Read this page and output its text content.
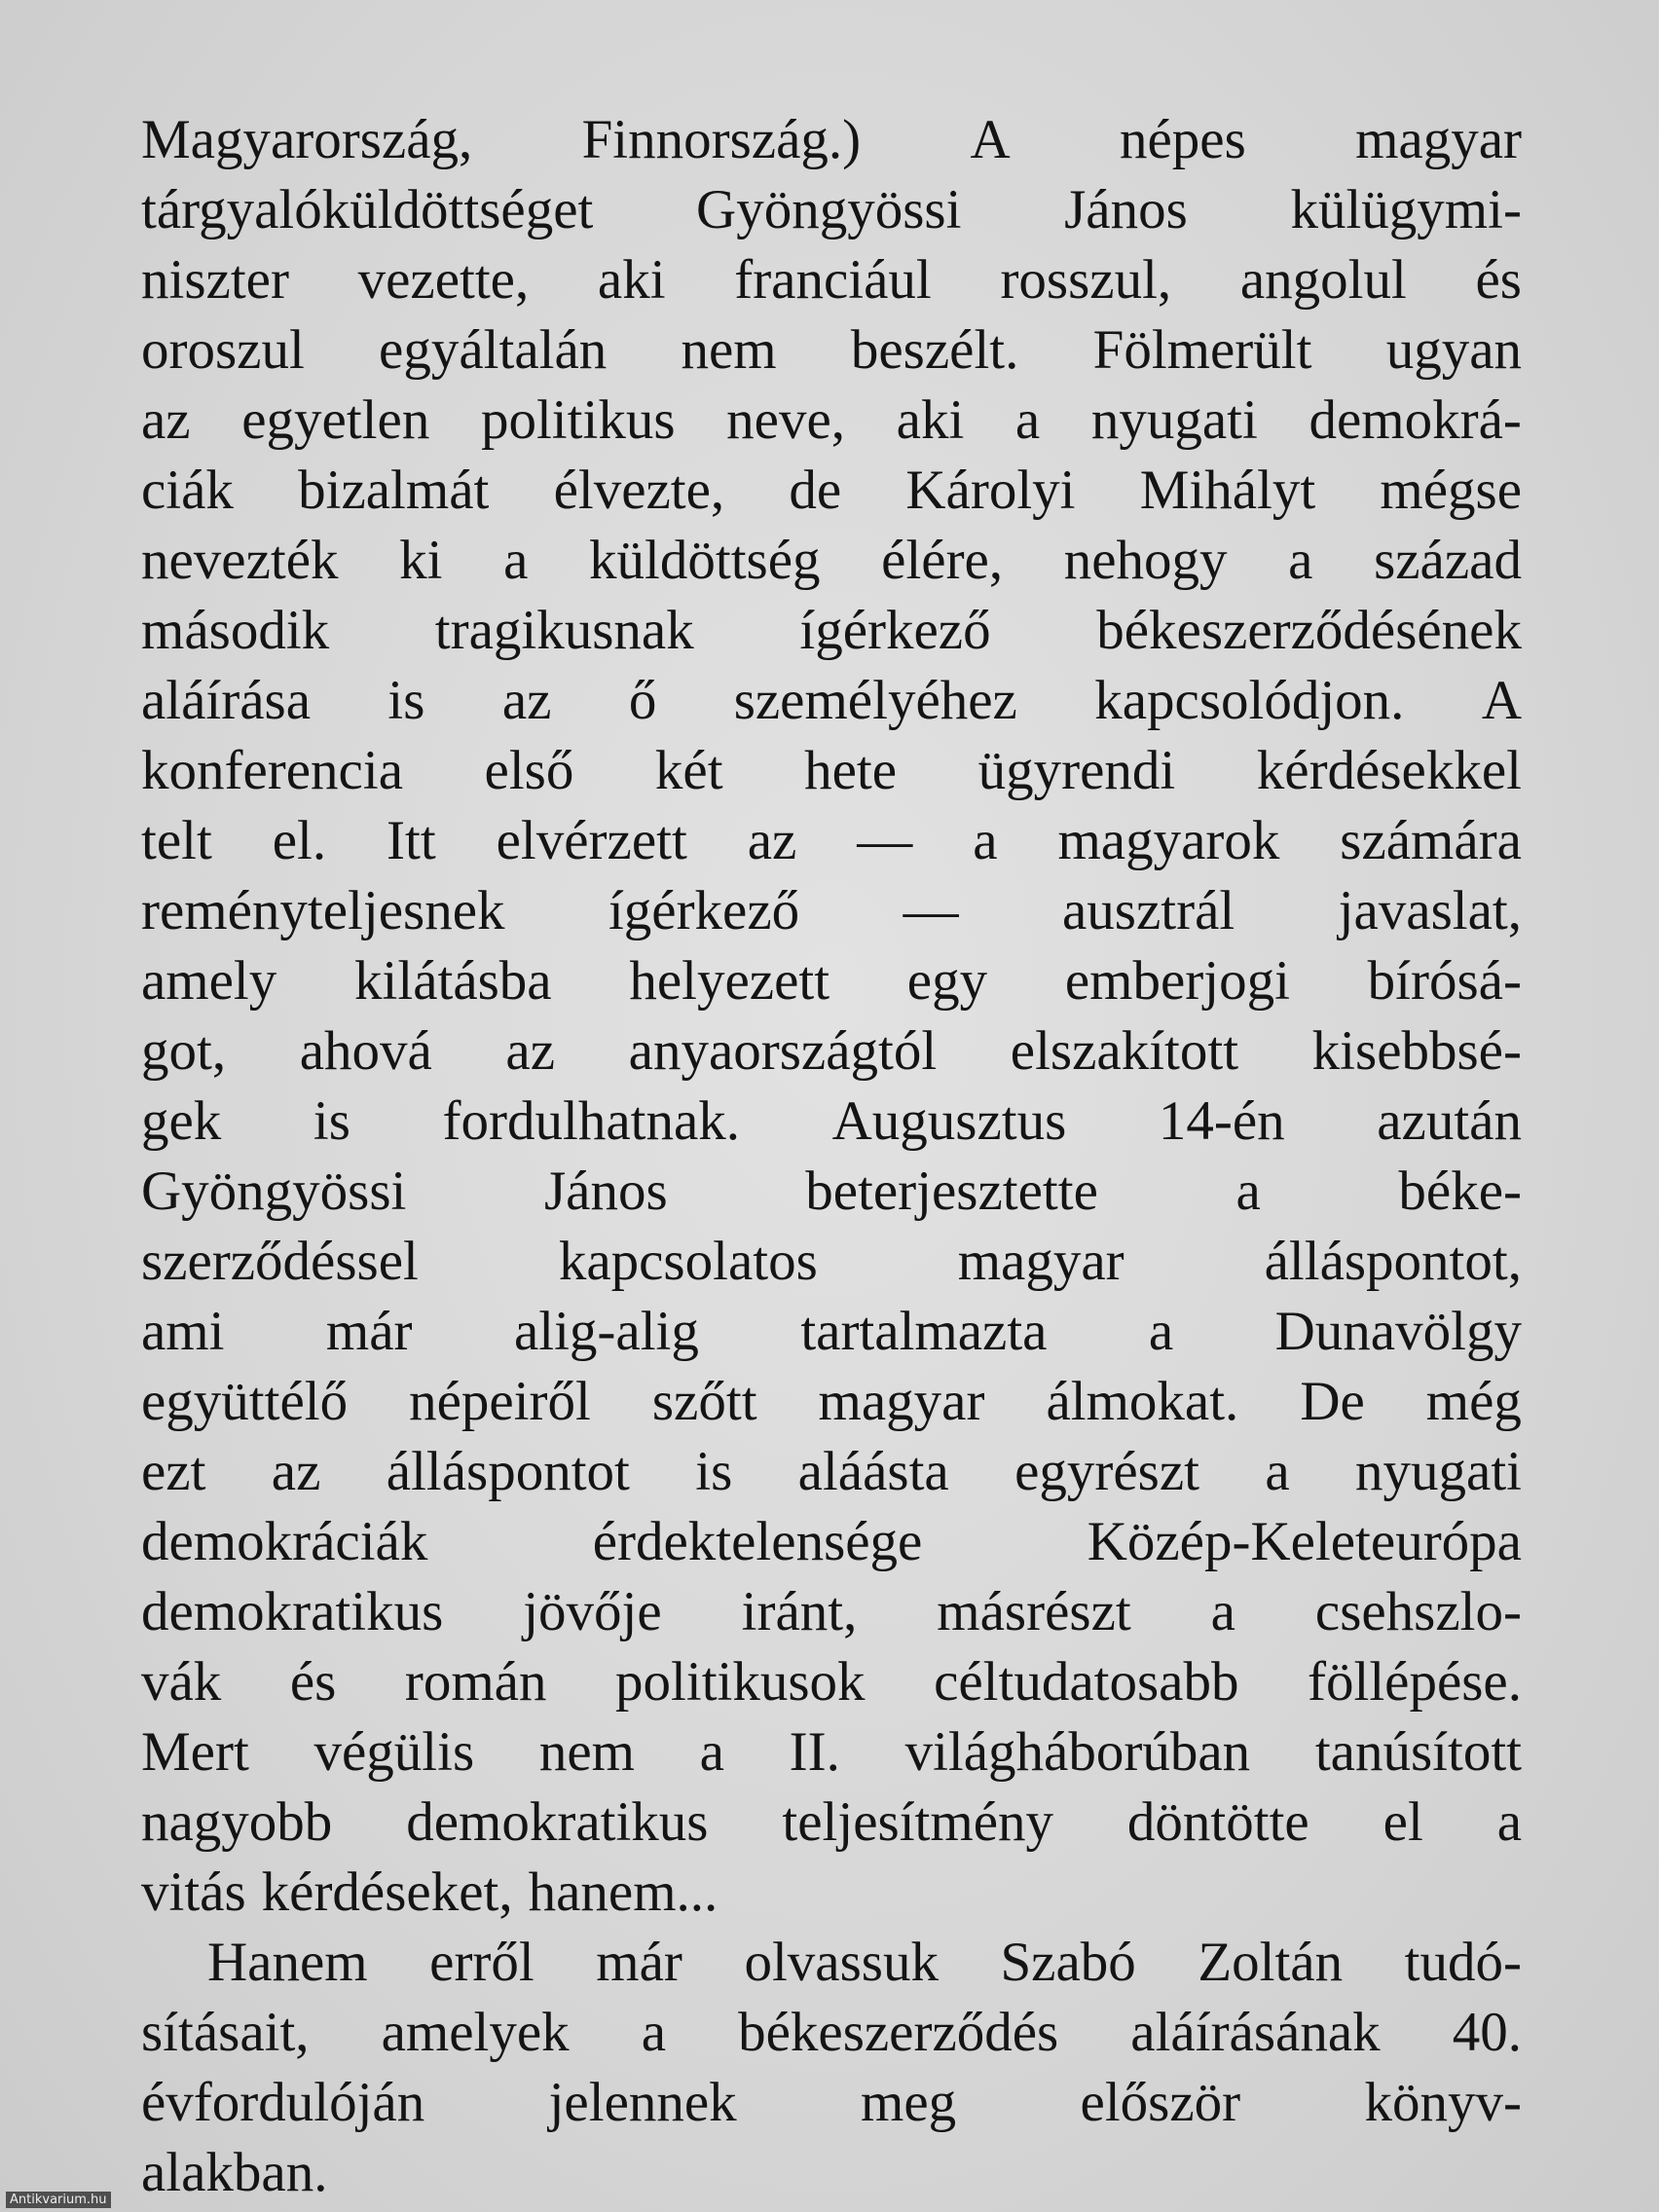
Magyarország, Finnország.) A népes magyar
tárgyalóküldöttséget Gyöngyössi János külügymi-
niszter vezette, aki franciául rosszul, angolul és
oroszul egyáltalán nem beszélt. Fölmerült ugyan
az egyetlen politikus neve, aki a nyugati demokrá-
ciák bizalmát élvezte, de Károlyi Mihályt mégse
nevezték ki a küldöttség élére, nehogy a század
második tragikusnak ígérkező békeszerződésének
aláírása is az ő személyéhez kapcsolódjon. A
konferencia első két hete ügyrendi kérdésekkel
telt el. Itt elvérzett az — a magyarok számára
reményteljesnek ígérkező — ausztrál javaslat,
amely kilátásba helyezett egy emberjogi bírósá-
got, ahová az anyaországtól elszakított kisebbsé-
gek is fordulhatnak. Augusztus 14-én azután
Gyöngyössi János beterjesztette a béke-
szerződéssel	kapcsolatos	magyar	álláspontot,
ami már alig-alig tartalmazta a Dunavölgy
együttélő népeiről szőtt magyar álmokat. De még
ezt az álláspontot is aláásta egyrészt a nyugati
demokráciák	érdektelensége	Közép-Keleteurópa
demokratikus jövője iránt, másrészt a csehszlo-
vák és román politikusok céltudatosabb föllépése.
Mert végülis nem a II. világháborúban tanúsított
nagyobb demokratikus teljesítmény döntötte el a
vitás kérdéseket, hanem...
Hanem erről már olvassuk Szabó Zoltán tudó-
sításait, amelyek a békeszerződés aláírásának 40.
évfordulóján jelennek meg először könyv-
alakban.
Antikvarium.hu
